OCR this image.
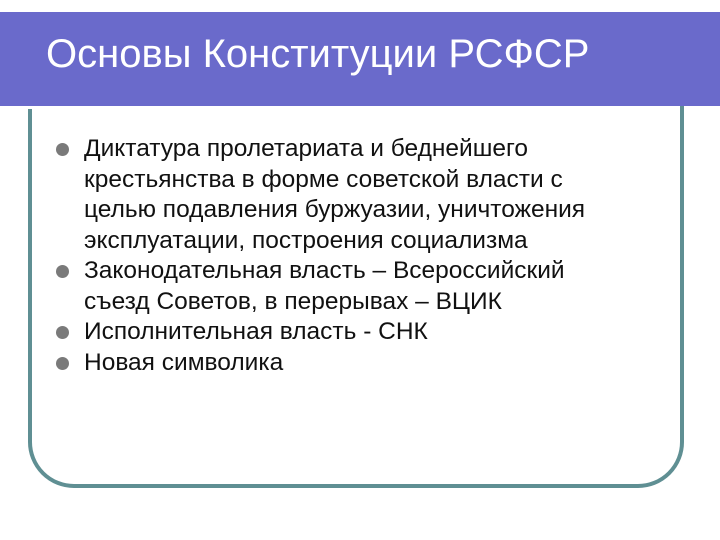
Основы Конституции РСФСР
Диктатура пролетариата и беднейшего
крестьянства в форме советской власти с
целью подавления буржуазии, уничтожения
эксплуатации, построения социализма
Законодательная власть – Всероссийский
съезд Советов, в перерывах – ВЦИК
Исполнительная власть - СНК
Новая символика
